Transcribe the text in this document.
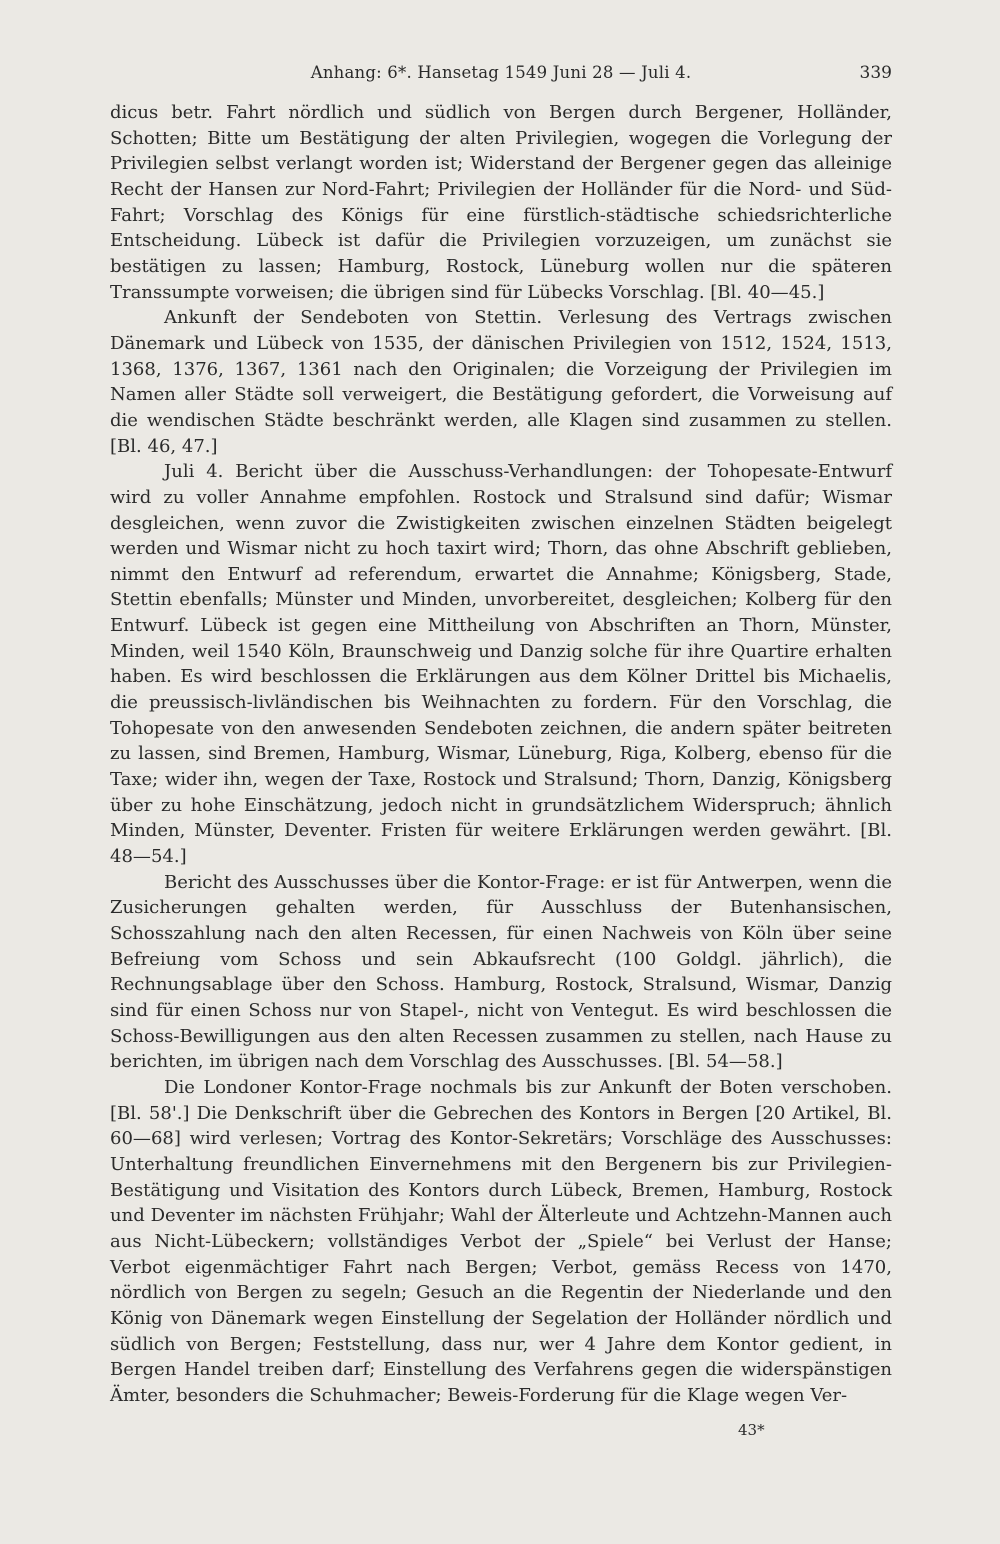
Anhang: 6*. Hansetag 1549 Juni 28 — Juli 4.	339

dicus betr. Fahrt nördlich und südlich von Bergen durch Bergener, Holländer, Schotten; Bitte um Bestätigung der alten Privilegien, wogegen die Vorlegung der Privilegien selbst verlangt worden ist; Widerstand der Bergener gegen das alleinige Recht der Hansen zur Nord-Fahrt; Privilegien der Holländer für die Nord- und Süd-Fahrt; Vorschlag des Königs für eine fürstlich-städtische schiedsrichterliche Entscheidung. Lübeck ist dafür die Privilegien vorzuzeigen, um zunächst sie bestätigen zu lassen; Hamburg, Rostock, Lüneburg wollen nur die späteren Transsumpte vorweisen; die übrigen sind für Lübecks Vorschlag. [Bl. 40—45.]

Ankunft der Sendeboten von Stettin. Verlesung des Vertrags zwischen Dänemark und Lübeck von 1535, der dänischen Privilegien von 1512, 1524, 1513, 1368, 1376, 1367, 1361 nach den Originalen; die Vorzeigung der Privilegien im Namen aller Städte soll verweigert, die Bestätigung gefordert, die Vorweisung auf die wendischen Städte beschränkt werden, alle Klagen sind zusammen zu stellen. [Bl. 46, 47.]

Juli 4. Bericht über die Ausschuss-Verhandlungen: der Tohopesate-Entwurf wird zu voller Annahme empfohlen. Rostock und Stralsund sind dafür; Wismar desgleichen, wenn zuvor die Zwistigkeiten zwischen einzelnen Städten beigelegt werden und Wismar nicht zu hoch taxirt wird; Thorn, das ohne Abschrift geblieben, nimmt den Entwurf ad referendum, erwartet die Annahme; Königsberg, Stade, Stettin ebenfalls; Münster und Minden, unvorbereitet, desgleichen; Kolberg für den Entwurf. Lübeck ist gegen eine Mittheilung von Abschriften an Thorn, Münster, Minden, weil 1540 Köln, Braunschweig und Danzig solche für ihre Quartire erhalten haben. Es wird beschlossen die Erklärungen aus dem Kölner Drittel bis Michaelis, die preussisch-livländischen bis Weihnachten zu fordern. Für den Vorschlag, die Tohopesate von den anwesenden Sendeboten zeichnen, die andern später beitreten zu lassen, sind Bremen, Hamburg, Wismar, Lüneburg, Riga, Kolberg, ebenso für die Taxe; wider ihn, wegen der Taxe, Rostock und Stralsund; Thorn, Danzig, Königsberg über zu hohe Einschätzung, jedoch nicht in grundsätzlichem Widerspruch; ähnlich Minden, Münster, Deventer. Fristen für weitere Erklärungen werden gewährt. [Bl. 48—54.]

Bericht des Ausschusses über die Kontor-Frage: er ist für Antwerpen, wenn die Zusicherungen gehalten werden, für Ausschluss der Butenhansischen, Schosszahlung nach den alten Recessen, für einen Nachweis von Köln über seine Befreiung vom Schoss und sein Abkaufsrecht (100 Goldgl. jährlich), die Rechnungsablage über den Schoss. Hamburg, Rostock, Stralsund, Wismar, Danzig sind für einen Schoss nur von Stapel-, nicht von Ventegut. Es wird beschlossen die Schoss-Bewilligungen aus den alten Recessen zusammen zu stellen, nach Hause zu berichten, im übrigen nach dem Vorschlag des Ausschusses. [Bl. 54—58.]

Die Londoner Kontor-Frage nochmals bis zur Ankunft der Boten verschoben. [Bl. 58'.] Die Denkschrift über die Gebrechen des Kontors in Bergen [20 Artikel, Bl. 60—68] wird verlesen; Vortrag des Kontor-Sekretärs; Vorschläge des Ausschusses: Unterhaltung freundlichen Einvernehmens mit den Bergenern bis zur Privilegien-Bestätigung und Visitation des Kontors durch Lübeck, Bremen, Hamburg, Rostock und Deventer im nächsten Frühjahr; Wahl der Älterleute und Achtzehn-Mannen auch aus Nicht-Lübeckern; vollständiges Verbot der „Spiele“ bei Verlust der Hanse; Verbot eigenmächtiger Fahrt nach Bergen; Verbot, gemäss Recess von 1470, nördlich von Bergen zu segeln; Gesuch an die Regentin der Niederlande und den König von Dänemark wegen Einstellung der Segelation der Holländer nördlich und südlich von Bergen; Feststellung, dass nur, wer 4 Jahre dem Kontor gedient, in Bergen Handel treiben darf; Einstellung des Verfahrens gegen die widerspänstigen Ämter, besonders die Schuhmacher; Beweis-Forderung für die Klage wegen Ver-

43*
